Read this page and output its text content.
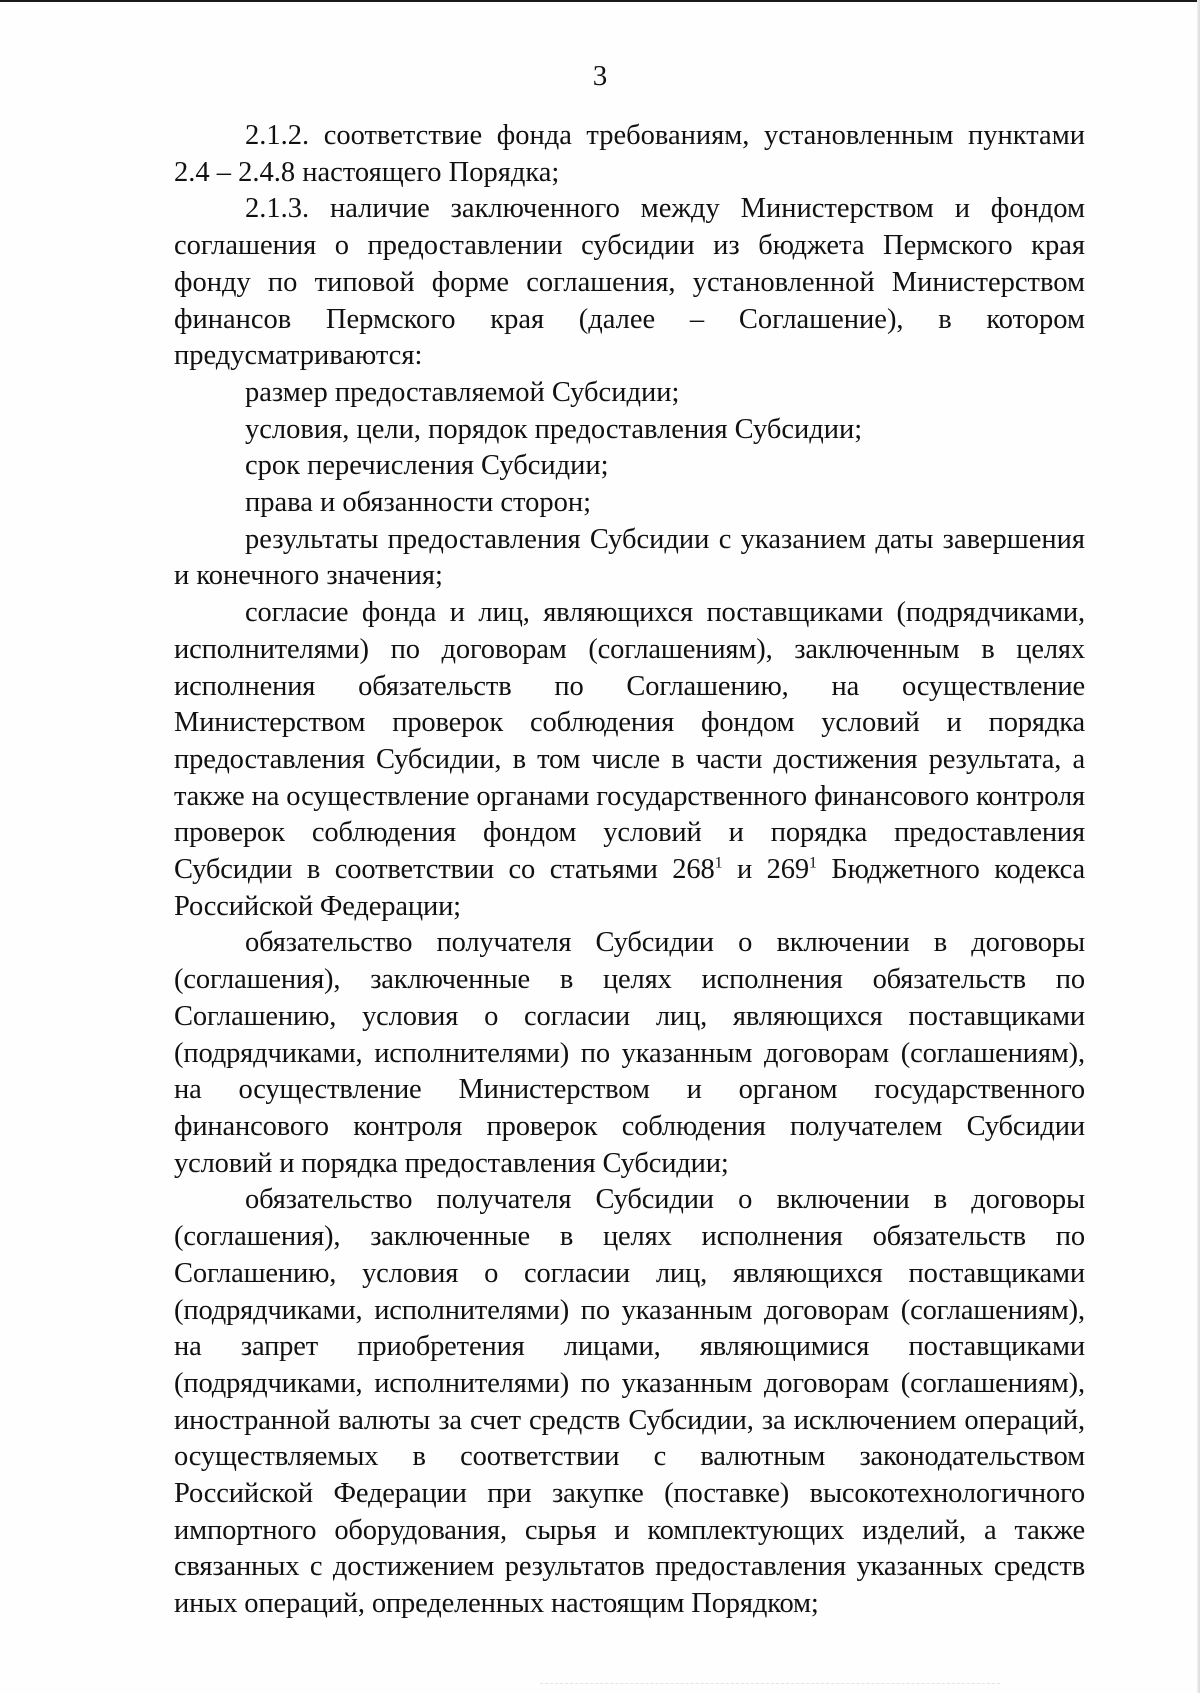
3

2.1.2. соответствие фонда требованиям, установленным пунктами 2.4 – 2.4.8 настоящего Порядка;

2.1.3. наличие заключенного между Министерством и фондом соглашения о предоставлении субсидии из бюджета Пермского края фонду по типовой форме соглашения, установленной Министерством финансов Пермского края (далее – Соглашение), в котором предусматриваются:

размер предоставляемой Субсидии;

условия, цели, порядок предоставления Субсидии;

срок перечисления Субсидии;

права и обязанности сторон;

результаты предоставления Субсидии с указанием даты завершения и конечного значения;

согласие фонда и лиц, являющихся поставщиками (подрядчиками, исполнителями) по договорам (соглашениям), заключенным в целях исполнения обязательств по Соглашению, на осуществление Министерством проверок соблюдения фондом условий и порядка предоставления Субсидии, в том числе в части достижения результата, а также на осуществление органами государственного финансового контроля проверок соблюдения фондом условий и порядка предоставления Субсидии в соответствии со статьями $268^1$ и $269^1$ Бюджетного кодекса Российской Федерации;

обязательство получателя Субсидии о включении в договоры (соглашения), заключенные в целях исполнения обязательств по Соглашению, условия о согласии лиц, являющихся поставщиками (подрядчиками, исполнителями) по указанным договорам (соглашениям), на осуществление Министерством и органом государственного финансового контроля проверок соблюдения получателем Субсидии условий и порядка предоставления Субсидии;

обязательство получателя Субсидии о включении в договоры (соглашения), заключенные в целях исполнения обязательств по Соглашению, условия о согласии лиц, являющихся поставщиками (подрядчиками, исполнителями) по указанным договорам (соглашениям), на запрет приобретения лицами, являющимися поставщиками (подрядчиками, исполнителями) по указанным договорам (соглашениям), иностранной валюты за счет средств Субсидии, за исключением операций, осуществляемых в соответствии с валютным законодательством Российской Федерации при закупке (поставке) высокотехнологичного импортного оборудования, сырья и комплектующих изделий, а также связанных с достижением результатов предоставления указанных средств иных операций, определенных настоящим Порядком;
